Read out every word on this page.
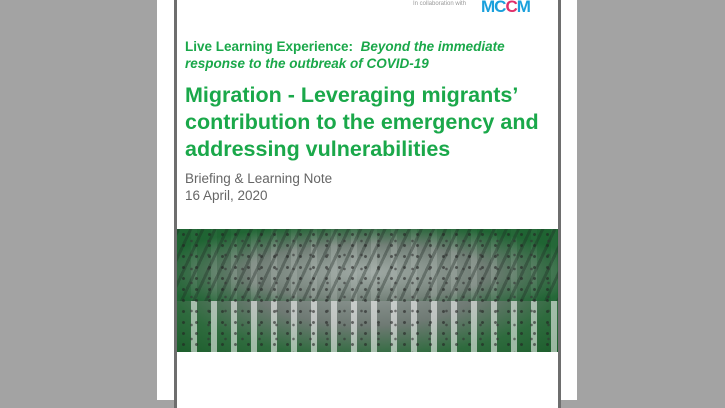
In collaboration with MCCM
Live Learning Experience: Beyond the immediate response to the outbreak of COVID-19
Migration - Leveraging migrants’ contribution to the emergency and addressing vulnerabilities
Briefing & Learning Note
16 April, 2020
